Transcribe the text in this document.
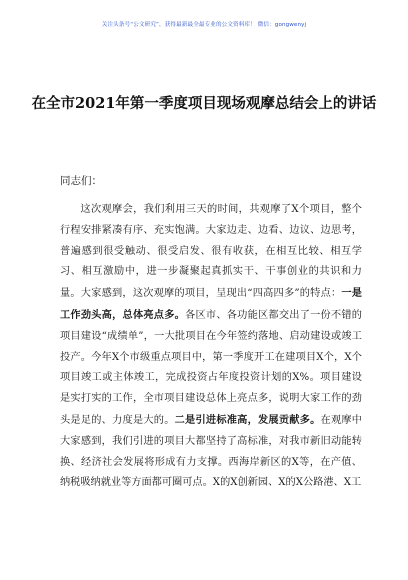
关注头条号“公文研究”，获得最新最全最专业的公文资料库！ 微信：gongwenyj
在全市2021年第一季度项目现场观摩总结会上的讲话

同志们：

这次观摩会，我们利用三天的时间，共观摩了X个项目，整个行程安排紧凑有序、充实饱满。大家边走、边看、边议、边思考，普遍感到很受触动、很受启发、很有收获，在相互比较、相互学习、相互激励中，进一步凝聚起真抓实干、干事创业的共识和力量。大家感到，这次观摩的项目，呈现出“四高四多”的特点：一是工作劲头高，总体亮点多。各区市、各功能区都交出了一份不错的项目建设“成绩单”，一大批项目在今年签约落地、启动建设或竣工投产。今年X个市级重点项目中，第一季度开工在建项目X个，X个项目竣工或主体竣工，完成投资占年度投资计划的X%。项目建设是实打实的工作，全市项目建设总体上亮点多，说明大家工作的劲头是足的、力度是大的。二是引进标准高，发展贡献多。在观摩中大家感到，我们引进的项目大都坚持了高标准，对我市新旧动能转换、经济社会发展将形成有力支撑。西海岸新区的X等，在产值、纳税吸纳就业等方面都可圈可点。X的X创新园、X的X公路港、X工
